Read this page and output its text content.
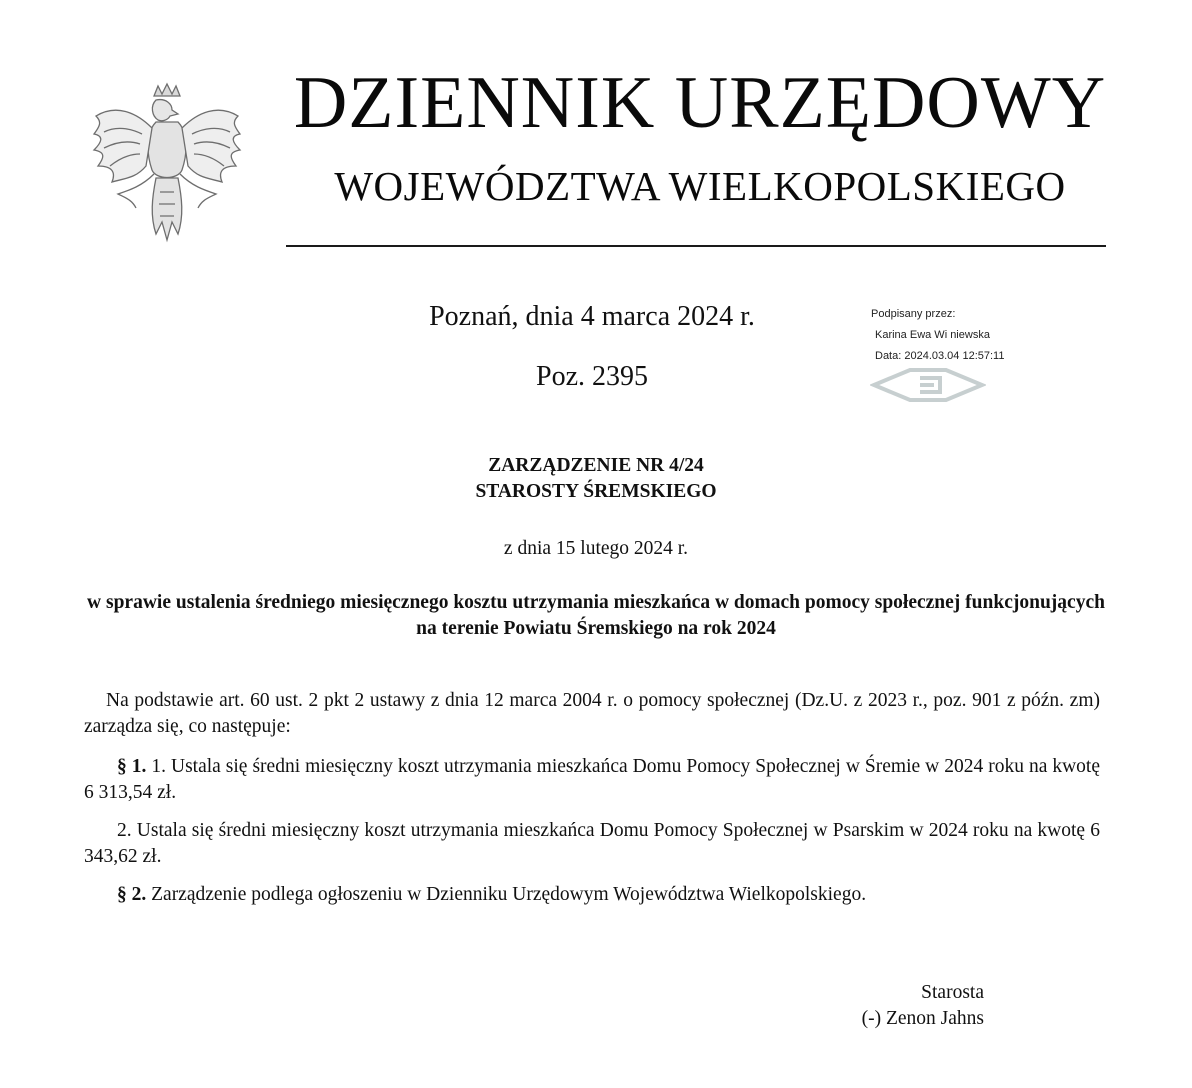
DZIENNIK URZĘDOWY
WOJEWÓDZTWA WIELKOPOLSKIEGO
Poznań, dnia 4 marca 2024 r.
Poz. 2395
Podpisany przez:
Karina Ewa Wi niewska
Data: 2024.03.04 12:57:11
ZARZĄDZENIE NR 4/24
STAROSTY ŚREMSKIEGO
z dnia 15 lutego 2024 r.
w sprawie ustalenia średniego miesięcznego kosztu utrzymania mieszkańca w domach pomocy społecznej funkcjonujących na terenie Powiatu Śremskiego na rok 2024
Na podstawie art. 60 ust. 2 pkt 2 ustawy z dnia 12 marca 2004 r. o pomocy społecznej (Dz.U. z 2023 r., poz. 901 z późn. zm) zarządza się, co następuje:
§ 1. 1. Ustala się średni miesięczny koszt utrzymania mieszkańca Domu Pomocy Społecznej w Śremie w 2024 roku na kwotę 6 313,54 zł.
2. Ustala się średni miesięczny koszt utrzymania mieszkańca Domu Pomocy Społecznej w Psarskim w 2024 roku na kwotę 6 343,62 zł.
§ 2. Zarządzenie podlega ogłoszeniu w Dzienniku Urzędowym Województwa Wielkopolskiego.
Starosta
(-) Zenon Jahns
